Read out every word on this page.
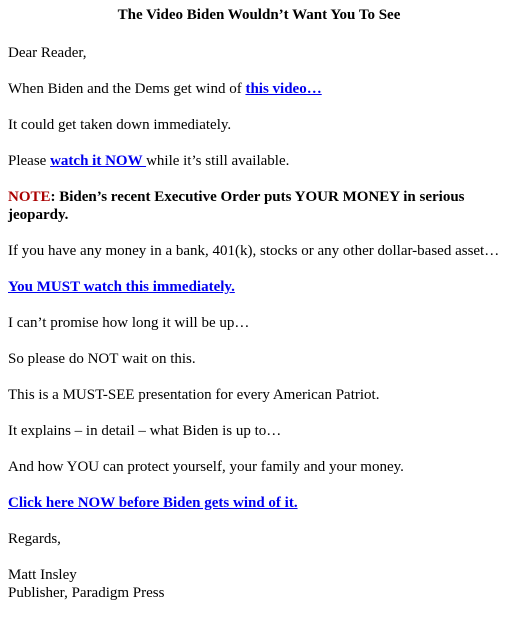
The Video Biden Wouldn’t Want You To See

Dear Reader,

When Biden and the Dems get wind of this video…

It could get taken down immediately.

Please watch it NOW while it’s still available.

NOTE: Biden’s recent Executive Order puts YOUR MONEY in serious jeopardy.

If you have any money in a bank, 401(k), stocks or any other dollar-based asset…

You MUST watch this immediately.

I can’t promise how long it will be up…

So please do NOT wait on this.

This is a MUST-SEE presentation for every American Patriot.

It explains – in detail – what Biden is up to…

And how YOU can protect yourself, your family and your money.

Click here NOW before Biden gets wind of it.

Regards,

Matt Insley

Publisher, Paradigm Press
